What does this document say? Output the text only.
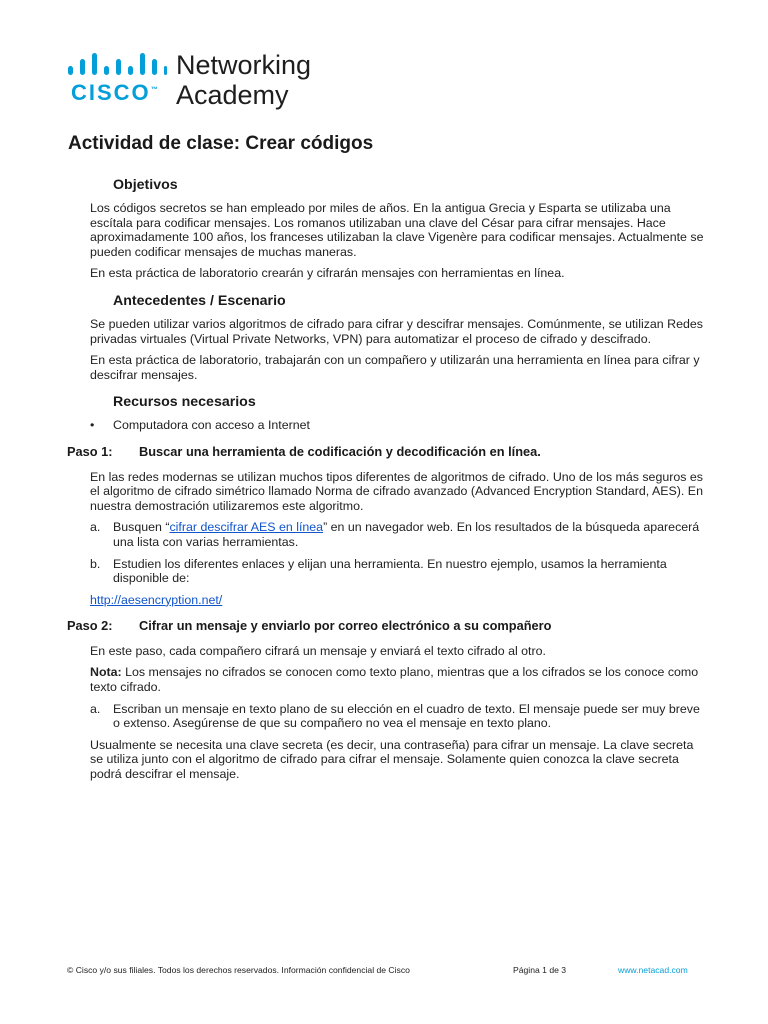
CISCO™
Networking
Academy
Actividad de clase: Crear códigos
Objetivos

Los códigos secretos se han empleado por miles de años. En la antigua Grecia y Esparta se utilizaba una escítala para codificar mensajes. Los romanos utilizaban una clave del César para cifrar mensajes. Hace aproximadamente 100 años, los franceses utilizaban la clave Vigenère para codificar mensajes. Actualmente se pueden codificar mensajes de muchas maneras.

En esta práctica de laboratorio crearán y cifrarán mensajes con herramientas en línea.

Antecedentes / Escenario

Se pueden utilizar varios algoritmos de cifrado para cifrar y descifrar mensajes. Comúnmente, se utilizan Redes privadas virtuales (Virtual Private Networks, VPN) para automatizar el proceso de cifrado y descifrado.

En esta práctica de laboratorio, trabajarán con un compañero y utilizarán una herramienta en línea para cifrar y descifrar mensajes.

Recursos necesarios
•	Computadora con acceso a Internet
Paso 1:	Buscar una herramienta de codificación y decodificación en línea.

En las redes modernas se utilizan muchos tipos diferentes de algoritmos de cifrado. Uno de los más seguros es el algoritmo de cifrado simétrico llamado Norma de cifrado avanzado (Advanced Encryption Standard, AES). En nuestra demostración utilizaremos este algoritmo.

a.	Busquen “cifrar descifrar AES en línea” en un navegador web. En los resultados de la búsqueda aparecerá una lista con varias herramientas.
b.	Estudien los diferentes enlaces y elijan una herramienta. En nuestro ejemplo, usamos la herramienta disponible de:

http://aesencryption.net/

Paso 2:	Cifrar un mensaje y enviarlo por correo electrónico a su compañero

En este paso, cada compañero cifrará un mensaje y enviará el texto cifrado al otro.

Nota: Los mensajes no cifrados se conocen como texto plano, mientras que a los cifrados se los conoce como texto cifrado.

a.	Escriban un mensaje en texto plano de su elección en el cuadro de texto. El mensaje puede ser muy breve o extenso. Asegúrense de que su compañero no vea el mensaje en texto plano.

Usualmente se necesita una clave secreta (es decir, una contraseña) para cifrar un mensaje. La clave secreta se utiliza junto con el algoritmo de cifrado para cifrar el mensaje. Solamente quien conozca la clave secreta podrá descifrar el mensaje.

© Cisco y/o sus filiales. Todos los derechos reservados. Información confidencial de Cisco	Página 1 de 3	www.netacad.com
